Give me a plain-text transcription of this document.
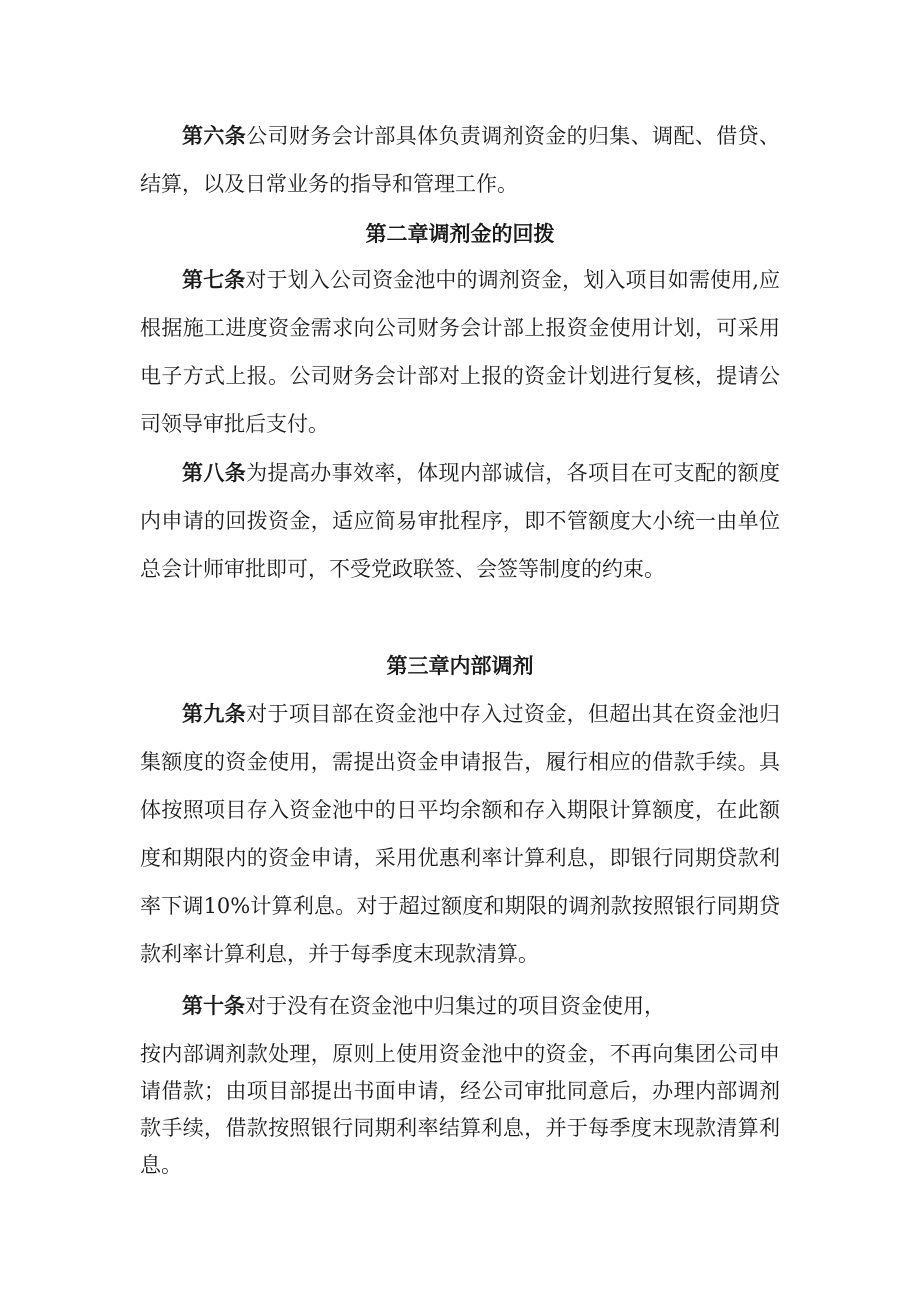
第六条公司财务会计部具体负责调剂资金的归集、调配、借贷、结算，以及日常业务的指导和管理工作。

第二章调剂金的回拨

第七条对于划入公司资金池中的调剂资金，划入项目如需使用,应根据施工进度资金需求向公司财务会计部上报资金使用计划，可采用电子方式上报。公司财务会计部对上报的资金计划进行复核，提请公司领导审批后支付。

第八条为提高办事效率，体现内部诚信，各项目在可支配的额度内申请的回拨资金，适应简易审批程序，即不管额度大小统一由单位总会计师审批即可，不受党政联签、会签等制度的约束。

第三章内部调剂

第九条对于项目部在资金池中存入过资金，但超出其在资金池归集额度的资金使用，需提出资金申请报告，履行相应的借款手续。具体按照项目存入资金池中的日平均余额和存入期限计算额度，在此额度和期限内的资金申请，采用优惠利率计算利息，即银行同期贷款利率下调10%计算利息。对于超过额度和期限的调剂款按照银行同期贷款利率计算利息，并于每季度末现款清算。

第十条对于没有在资金池中归集过的项目资金使用，

按内部调剂款处理，原则上使用资金池中的资金，不再向集团公司申请借款；由项目部提出书面申请，经公司审批同意后，办理内部调剂款手续，借款按照银行同期利率结算利息，并于每季度末现款清算利息。
